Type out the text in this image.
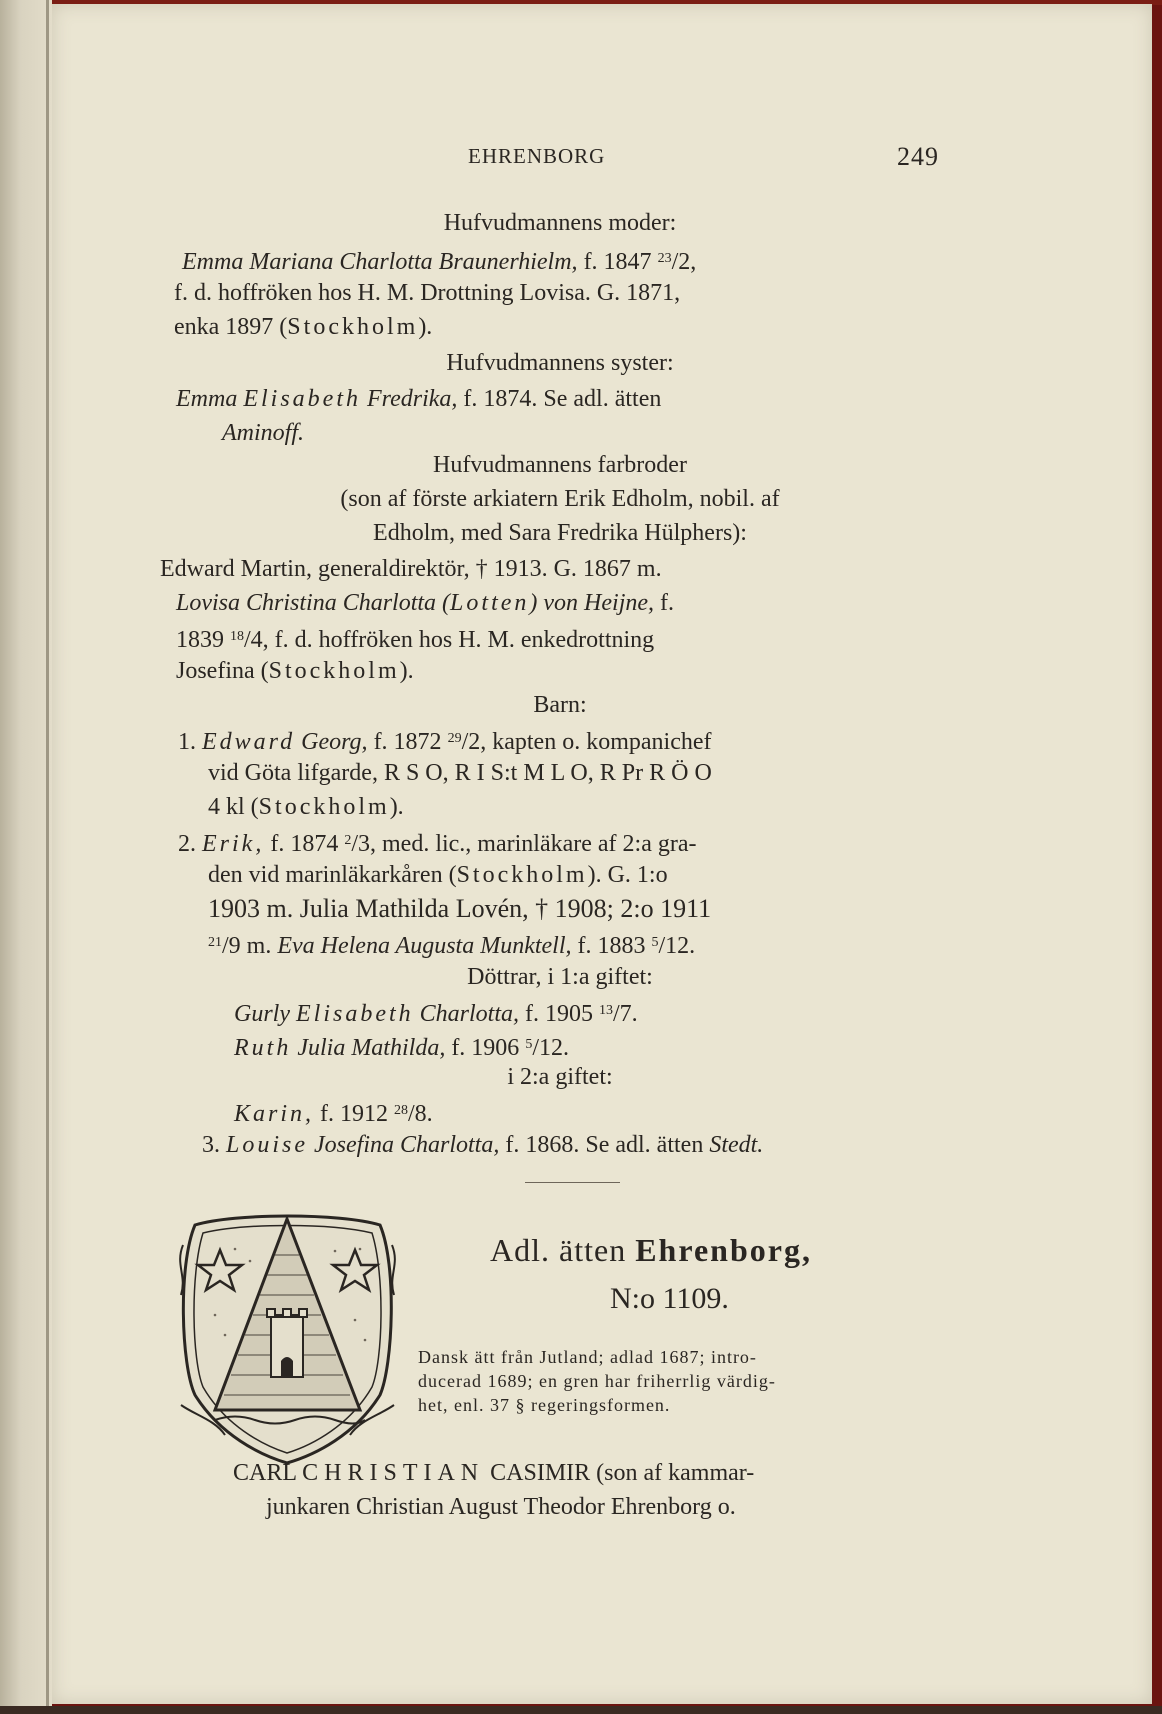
EHRENBORG	249
Hufvudmannens moder:
Emma Mariana Charlotta Braunerhielm, f. 1847 $^{23}$/2,
f. d. hoffröken hos H. M. Drottning Lovisa. G. 1871,
enka 1897 (Stockholm).
Hufvudmannens syster:
Emma Elisabeth Fredrika, f. 1874. Se adl. ätten
Aminoff.
Hufvudmannens farbroder
(son af förste arkiatern Erik Edholm, nobil. af
Edholm, med Sara Fredrika Hülphers):
Edward Martin, generaldirektör, † 1913. G. 1867 m.
Lovisa Christina Charlotta (Lotten) von Heijne, f.
1839 $^{18}$/4, f. d. hoffröken hos H. M. enkedrottning
Josefina (Stockholm).
Barn:
1. Edward Georg, f. 1872 $^{29}$/2, kapten o. kompanichef
vid Göta lifgarde, R S O, R I S:t M L O, R Pr R Ö O
4 kl (Stockholm).
2. Erik, f. 1874 $^2$/3, med. lic., marinläkare af 2:a gra-
den vid marinläkarkåren (Stockholm). G. 1:o
1903 m. Julia Mathilda Lovén, † 1908; 2:o 1911
$^{21}$/9 m. Eva Helena Augusta Munktell, f. 1883 $^5$/12.
Döttrar, i 1:a giftet:
Gurly Elisabeth Charlotta, f. 1905 $^{13}$/7.
Ruth Julia Mathilda, f. 1906 $^5$/12.
i 2:a giftet:
Karin, f. 1912 $^{28}$/8.
3. Louise Josefina Charlotta, f. 1868. Se adl. ätten Stedt.
Adl. ätten Ehrenborg,
N:o 1109.
Dansk ätt från Jutland; adlad 1687; intro-
ducerad 1689; en gren har friherrlig värdig-
het, enl. 37 § regeringsformen.
CARL CHRISTIAN CASIMIR (son af kammar-
junkaren Christian August Theodor Ehrenborg o.
